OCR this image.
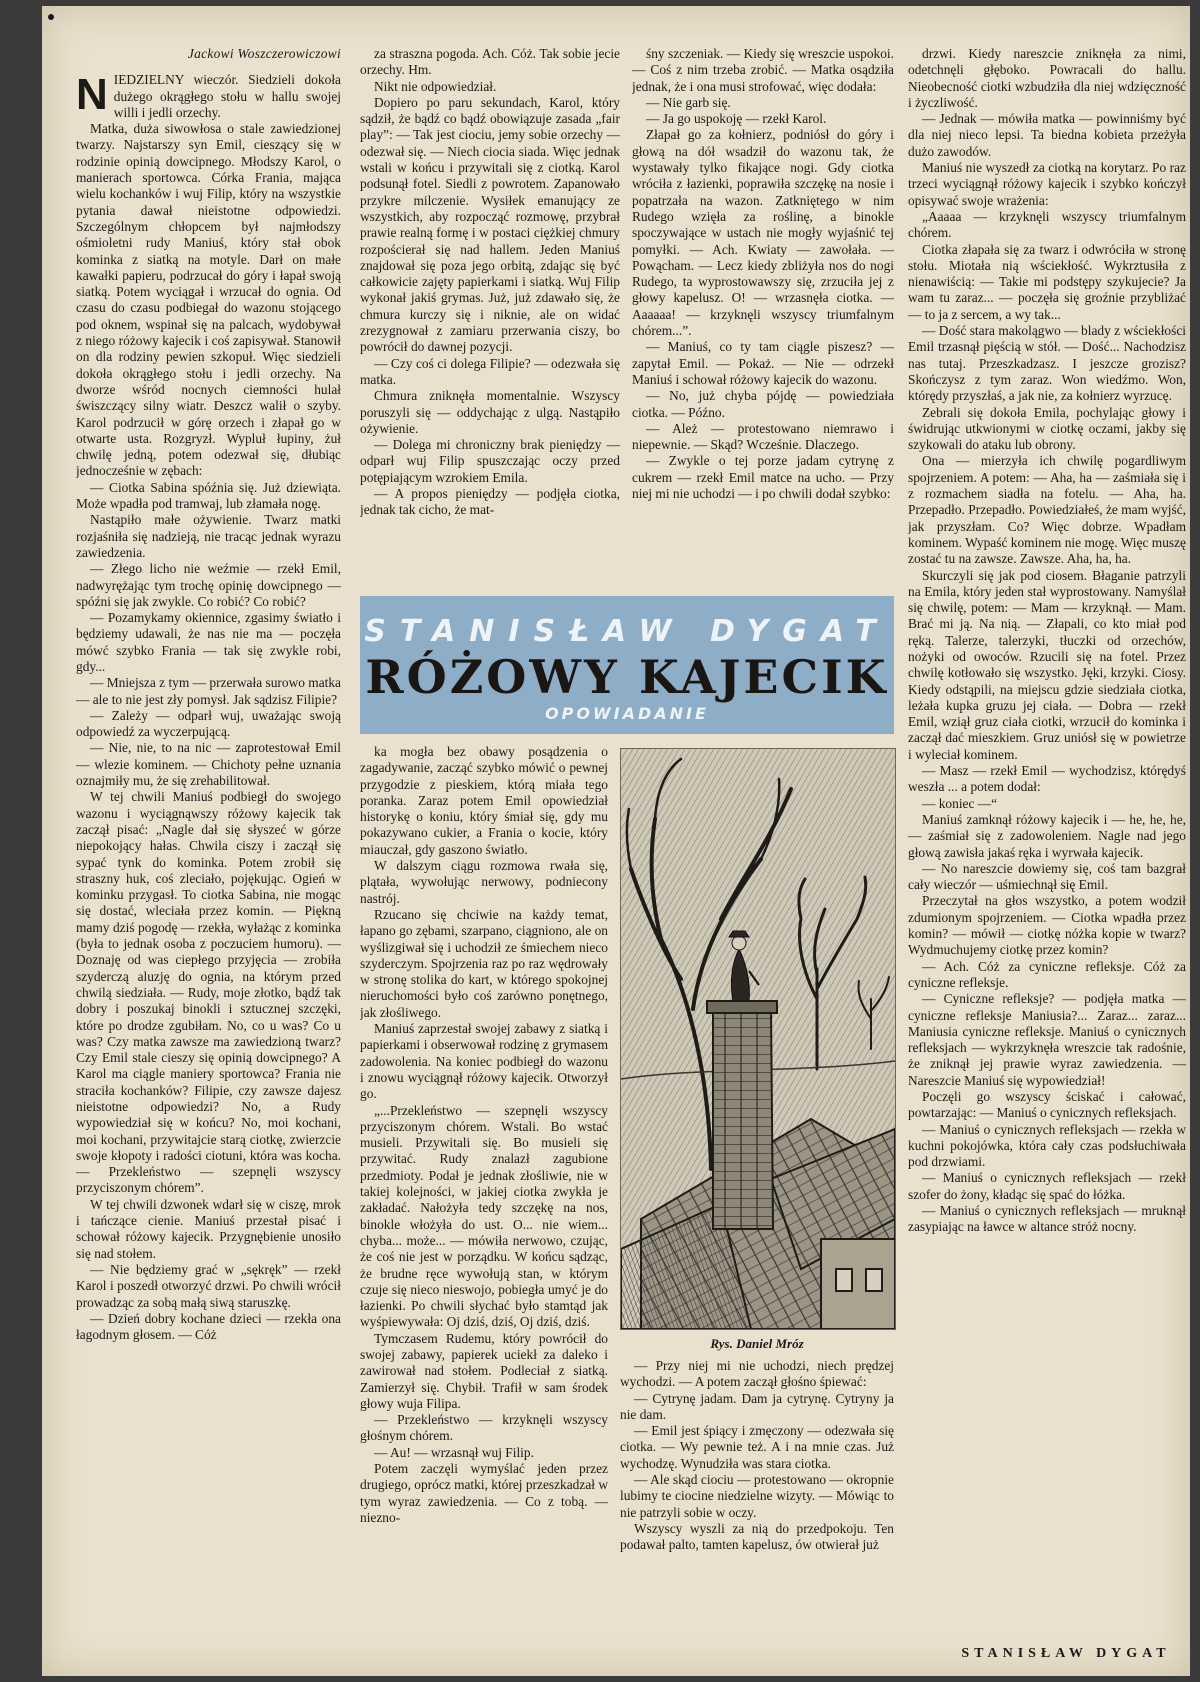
Jackowi Woszczerowiczowi

NIEDZIELNY wieczór. Siedzieli dokoła dużego okrągłego stołu w hallu swojej willi i jedli orzechy.

Matka, duża siwowłosa o stale zawiedzionej twarzy. Najstarszy syn Emil, cieszący się w rodzinie opinią dowcipnego. Młodszy Karol, o manierach sportowca. Córka Frania, mająca wielu kochanków i wuj Filip, który na wszystkie pytania dawał nieistotne odpowiedzi. Szczególnym chłopcem był najmłodszy ośmioletni rudy Maniuś, który stał obok kominka z siatką na motyle. Darł on małe kawałki papieru, podrzucał do góry i łapał swoją siatką. Potem wyciągał i wrzucał do ognia. Od czasu do czasu podbiegał do wazonu stojącego pod oknem, wspinał się na palcach, wydobywał z niego różowy kajecik i coś zapisywał. Stanowił on dla rodziny pewien szkopuł. Więc siedzieli dokoła okrągłego stołu i jedli orzechy. Na dworze wśród nocnych ciemności hulał świszczący silny wiatr. Deszcz walił o szyby. Karol podrzucił w górę orzech i złapał go w otwarte usta. Rozgryzł. Wypluł łupiny, żuł chwilę jedną, potem odezwał się, dłubiąc jednocześnie w zębach:

— Ciotka Sabina spóźnia się. Już dziewiąta. Może wpadła pod tramwaj, lub złamała nogę.

Nastąpiło małe ożywienie. Twarz matki rozjaśniła się nadzieją, nie tracąc jednak wyrazu zawiedzenia.

— Złego licho nie weźmie — rzekł Emil, nadwyrężając tym trochę opinię dowcipnego — spóźni się jak zwykle. Co robić? Co robić?

— Pozamykamy okiennice, zgasimy światło i będziemy udawali, że nas nie ma — poczęła mówć szybko Frania — tak się zwykle robi, gdy...

— Mniejsza z tym — przerwała surowo matka — ale to nie jest zły pomysł. Jak sądzisz Filipie?

— Zależy — odparł wuj, uważając swoją odpowiedź za wyczerpującą.

— Nie, nie, to na nic — zaprotestował Emil — wlezie kominem. — Chichoty pełne uznania oznajmiły mu, że się zrehabilitował.

W tej chwili Maniuś podbiegł do swojego wazonu i wyciągnąwszy różowy kajecik tak zaczął pisać: „Nagle dał się słyszeć w górze niepokojący hałas. Chwila ciszy i zaczął się sypać tynk do kominka. Potem zrobił się straszny huk, coś zleciało, pojękując. Ogień w kominku przygasł. To ciotka Sabina, nie mogąc się dostać, wleciała przez komin. — Piękną mamy dziś pogodę — rzekła, wyłażąc z kominka (była to jednak osoba z poczuciem humoru). — Doznaję od was ciepłego przyjęcia — zrobiła szyderczą aluzję do ognia, na którym przed chwilą siedziała. — Rudy, moje złotko, bądź tak dobry i poszukaj binokli i sztucznej szczęki, które po drodze zgubiłam. No, co u was? Co u was? Czy matka zawsze ma zawiedzioną twarz? Czy Emil stale cieszy się opinią dowcipnego? A Karol ma ciągle maniery sportowca? Frania nie straciła kochanków? Filipie, czy zawsze dajesz nieistotne odpowiedzi? No, a Rudy wypowiedział się w końcu? No, moi kochani, moi kochani, przywitajcie starą ciotkę, zwierzcie swoje kłopoty i radości ciotuni, która was kocha. — Przekleństwo — szepnęli wszyscy przyciszonym chórem”.

W tej chwili dzwonek wdarł się w ciszę, mrok i tańczące cienie. Maniuś przestał pisać i schował różowy kajecik. Przygnębienie unosiło się nad stołem.

— Nie będziemy grać w „sękręk” — rzekł Karol i poszedł otworzyć drzwi. Po chwili wrócił prowadząc za sobą małą siwą staruszkę.

— Dzień dobry kochane dzieci — rzekła ona łagodnym głosem. — Cóż

za straszna pogoda. Ach. Cóż. Tak sobie jecie orzechy. Hm.

Nikt nie odpowiedział.

Dopiero po paru sekundach, Karol, który sądził, że bądź co bądź obowiązuje zasada „fair play”: — Tak jest ciociu, jemy sobie orzechy — odezwał się. — Niech ciocia siada. Więc jednak wstali w końcu i przywitali się z ciotką. Karol podsunął fotel. Siedli z powrotem. Zapanowało przykre milczenie. Wysiłek emanujący ze wszystkich, aby rozpocząć rozmowę, przybrał prawie realną formę i w postaci ciężkiej chmury rozpościerał się nad hallem. Jeden Maniuś znajdował się poza jego orbitą, zdając się być całkowicie zajęty papierkami i siatką. Wuj Filip wykonał jakiś grymas. Już, już zdawało się, że chmura kurczy się i niknie, ale on widać zrezygnował z zamiaru przerwania ciszy, bo powrócił do dawnej pozycji.

— Czy coś ci dolega Filipie? — odezwała się matka.

Chmura zniknęła momentalnie. Wszyscy poruszyli się — oddychając z ulgą. Nastąpiło ożywienie.

— Dolega mi chroniczny brak pieniędzy — odparł wuj Filip spuszczając oczy przed potępiającym wzrokiem Emila.

— A propos pieniędzy — podjęła ciotka, jednak tak cicho, że mat-

śny szczeniak. — Kiedy się wreszcie uspokoi. — Coś z nim trzeba zrobić. — Matka osądziła jednak, że i ona musi strofować, więc dodała:

— Nie garb się.

— Ja go uspokoję — rzekł Karol.

Złapał go za kołnierz, podniósł do góry i głową na dół wsadził do wazonu tak, że wystawały tylko fikające nogi. Gdy ciotka wróciła z łazienki, poprawiła szczękę na nosie i popatrzała na wazon. Zatkniętego w nim Rudego wzięła za roślinę, a binokle spoczywające w ustach nie mogły wyjaśnić tej pomyłki. — Ach. Kwiaty — zawołała. — Powącham. — Lecz kiedy zbliżyła nos do nogi Rudego, ta wyprostowawszy się, zrzuciła jej z głowy kapelusz. O! — wrzasnęła ciotka. — Aaaaaa! — krzyknęli wszyscy triumfalnym chórem...”.

— Maniuś, co ty tam ciągle piszesz? — zapytał Emil. — Pokaż. — Nie — odrzekł Maniuś i schował różowy kajecik do wazonu.

— No, już chyba pójdę — powiedziała ciotka. — Późno.

— Ależ — protestowano niemrawo i niepewnie. — Skąd? Wcześnie. Dlaczego.

— Zwykle o tej porze jadam cytrynę z cukrem — rzekł Emil matce na ucho. — Przy niej mi nie uchodzi — i po chwili dodał szybko:

STANISŁAW DYGAT
RÓŻOWY KAJECIK
OPOWIADANIE

ka mogła bez obawy posądzenia o zagadywanie, zacząć szybko mówić o pewnej przygodzie z pieskiem, którą miała tego poranka. Zaraz potem Emil opowiedział historykę o koniu, który śmiał się, gdy mu pokazywano cukier, a Frania o kocie, który miauczał, gdy gaszono światło.

W dalszym ciągu rozmowa rwała się, plątała, wywołując nerwowy, podniecony nastrój.

Rzucano się chciwie na każdy temat, łapano go zębami, szarpano, ciągniono, ale on wyślizgiwał się i uchodził ze śmiechem nieco szyderczym. Spojrzenia raz po raz wędrowały w stronę stolika do kart, w którego spokojnej nieruchomości było coś zarówno ponętnego, jak złośliwego.

Maniuś zaprzestał swojej zabawy z siatką i papierkami i obserwował rodzinę z grymasem zadowolenia. Na koniec podbiegł do wazonu i znowu wyciągnął różowy kajecik. Otworzył go.

„...Przekleństwo — szepnęli wszyscy przyciszonym chórem. Wstali. Bo wstać musieli. Przywitali się. Bo musieli się przywitać. Rudy znalazł zagubione przedmioty. Podał je jednak złośliwie, nie w takiej kolejności, w jakiej ciotka zwykła je zakładać. Nałożyła tedy szczękę na nos, binokle włożyła do ust. O... nie wiem... chyba... może... — mówiła nerwowo, czując, że coś nie jest w porządku. W końcu sądząc, że brudne ręce wywołują stan, w którym czuje się nieco nieswojo, pobiegła umyć je do łazienki. Po chwili słychać było stamtąd jak wyśpiewywała: Oj dziś, dziś, Oj dziś, dziś.

Tymczasem Rudemu, który powrócił do swojej zabawy, papierek uciekł za daleko i zawirował nad stołem. Podleciał z siatką. Zamierzył się. Chybił. Trafił w sam środek głowy wuja Filipa.

— Przekleństwo — krzyknęli wszyscy głośnym chórem.

— Au! — wrzasnął wuj Filip.

Potem zaczęli wymyślać jeden przez drugiego, oprócz matki, której przeszkadzał w tym wyraz zawiedzenia. — Co z tobą. — niezno-

Rys. Daniel Mróz

— Przy niej mi nie uchodzi, niech prędzej wychodzi. — A potem zaczął głośno śpiewać:

— Cytrynę jadam. Dam ja cytrynę. Cytryny ja nie dam.

— Emil jest śpiący i zmęczony — odezwała się ciotka. — Wy pewnie też. A i na mnie czas. Już wychodzę. Wynudziła was stara ciotka.

— Ale skąd ciociu — protestowano — okropnie lubimy te ciocine niedzielne wizyty. — Mówiąc to nie patrzyli sobie w oczy.

Wszyscy wyszli za nią do przedpokoju. Ten podawał palto, tamten kapelusz, ów otwierał już

drzwi. Kiedy nareszcie zniknęła za nimi, odetchnęli głęboko. Powracali do hallu. Nieobecność ciotki wzbudziła dla niej wdzięczność i życzliwość.

— Jednak — mówiła matka — powinniśmy być dla niej nieco lepsi. Ta biedna kobieta przeżyła dużo zawodów.

Maniuś nie wyszedł za ciotką na korytarz. Po raz trzeci wyciągnął różowy kajecik i szybko kończył opisywać swoje wrażenia:

„Aaaaa — krzyknęli wszyscy triumfalnym chórem.

Ciotka złapała się za twarz i odwróciła w stronę stołu. Miotała nią wściekłość. Wykrztusiła z nienawiścią: — Takie mi podstępy szykujecie? Ja wam tu zaraz... — poczęła się groźnie przybliżać — to ja z sercem, a wy tak...

— Dość stara makolągwo — blady z wściekłości Emil trzasnął pięścią w stół. — Dość... Nachodzisz nas tutaj. Przeszkadzasz. I jeszcze grozisz? Skończysz z tym zaraz. Won wiedźmo. Won, którędy przyszłaś, a jak nie, za kołnierz wyrzucę.

Zebrali się dokoła Emila, pochylając głowy i świdrując utkwionymi w ciotkę oczami, jakby się szykowali do ataku lub obrony.

Ona — mierzyła ich chwilę pogardliwym spojrzeniem. A potem: — Aha, ha — zaśmiała się i z rozmachem siadła na fotelu. — Aha, ha. Przepadło. Przepadło. Powiedziałeś, że mam wyjść, jak przyszłam. Co? Więc dobrze. Wpadłam kominem. Wypaść kominem nie mogę. Więc muszę zostać tu na zawsze. Zawsze. Aha, ha, ha.

Skurczyli się jak pod ciosem. Błaganie patrzyli na Emila, który jeden stał wyprostowany. Namyślał się chwilę, potem: — Mam — krzyknął. — Mam. Brać mi ją. Na nią. — Złapali, co kto miał pod ręką. Talerze, talerzyki, tłuczki od orzechów, nożyki od owoców. Rzucili się na fotel. Przez chwilę kotłowało się wszystko. Jęki, krzyki. Ciosy. Kiedy odstąpili, na miejscu gdzie siedziała ciotka, leżała kupka gruzu jej ciała. — Dobra — rzekł Emil, wziął gruz ciała ciotki, wrzucił do kominka i zaczął dać mieszkiem. Gruz uniósł się w powietrze i wyleciał kominem.

— Masz — rzekł Emil — wychodzisz, którędyś weszła ... a potem dodał:

— koniec —“

Maniuś zamknął różowy kajecik i — he, he, he, — zaśmiał się z zadowoleniem. Nagle nad jego głową zawisła jakaś ręka i wyrwała kajecik.

— No nareszcie dowiemy się, coś tam bazgrał cały wieczór — uśmiechnął się Emil.

Przeczytał na głos wszystko, a potem wodził zdumionym spojrzeniem. — Ciotka wpadła przez komin? — mówił — ciotkę nóżka kopie w twarz? Wydmuchujemy ciotkę przez komin?

— Ach. Cóż za cyniczne refleksje. Cóż za cyniczne refleksje.

— Cyniczne refleksje? — podjęła matka — cyniczne refleksje Maniusia?... Zaraz... zaraz... Maniusia cyniczne refleksje. Maniuś o cynicznych refleksjach — wykrzyknęła wreszcie tak radośnie, że zniknął jej prawie wyraz zawiedzenia. — Nareszcie Maniuś się wypowiedział!

Poczęli go wszyscy ściskać i całować, powtarzając: — Maniuś o cynicznych refleksjach.

— Maniuś o cynicznych refleksjach — rzekła w kuchni pokojówka, która cały czas podsłuchiwała pod drzwiami.

— Maniuś o cynicznych refleksjach — rzekł szofer do żony, kładąc się spać do łóżka.

— Maniuś o cynicznych refleksjach — mruknął zasypiając na ławce w altance stróż nocny.

STANISŁAW DYGAT
